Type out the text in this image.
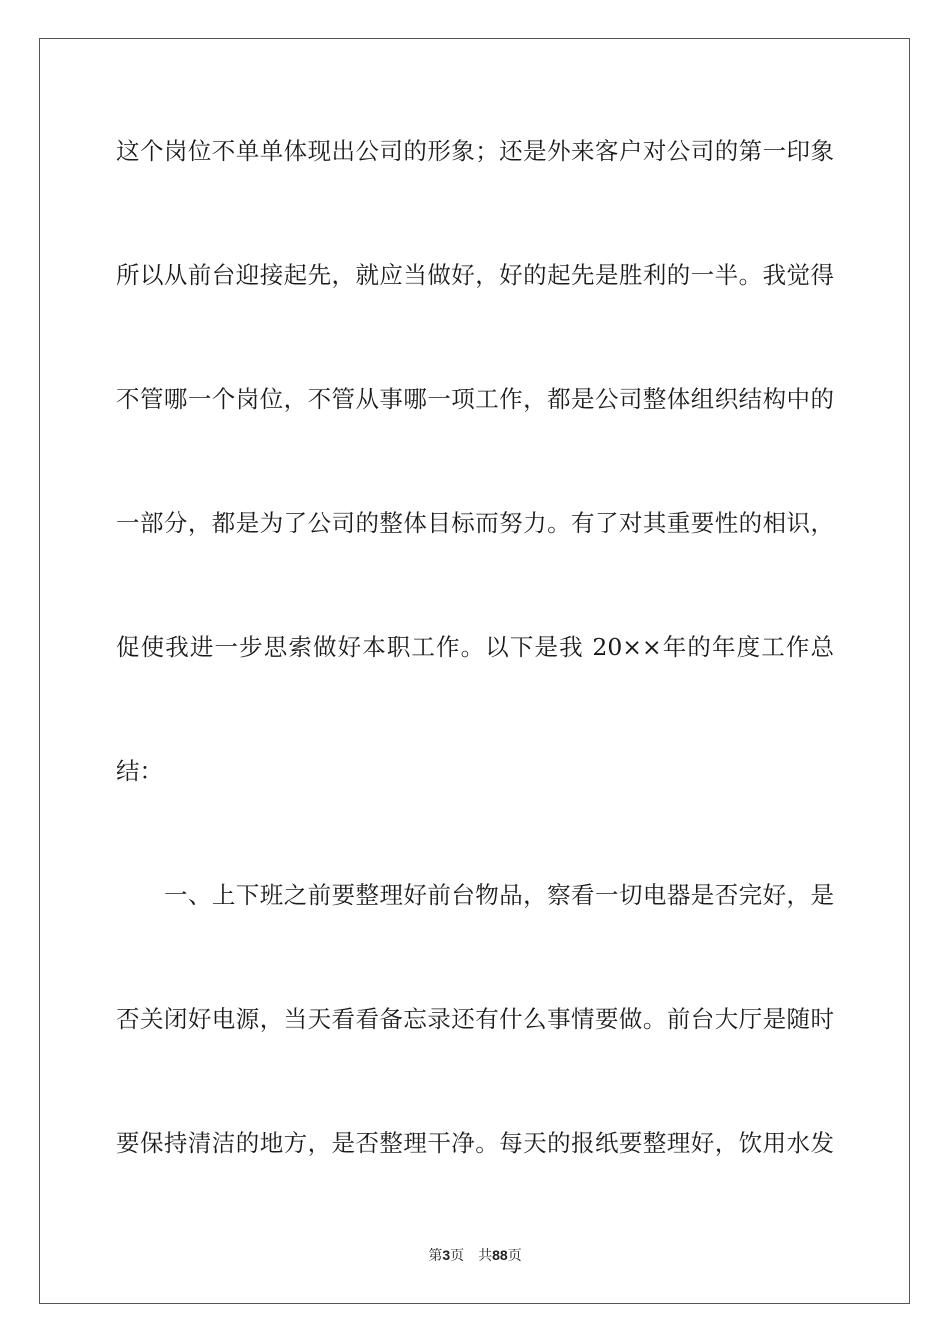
这个岗位不单单体现出公司的形象；还是外来客户对公司的第一印象
所以从前台迎接起先，就应当做好，好的起先是胜利的一半。我觉得
不管哪一个岗位，不管从事哪一项工作，都是公司整体组织结构中的
一部分，都是为了公司的整体目标而努力。有了对其重要性的相识，
促使我进一步思索做好本职工作。以下是我 20××年的年度工作总
结：
一、上下班之前要整理好前台物品，察看一切电器是否完好，是
否关闭好电源，当天看看备忘录还有什么事情要做。前台大厅是随时
要保持清洁的地方，是否整理干净。每天的报纸要整理好，饮用水发
第3页 共88页
